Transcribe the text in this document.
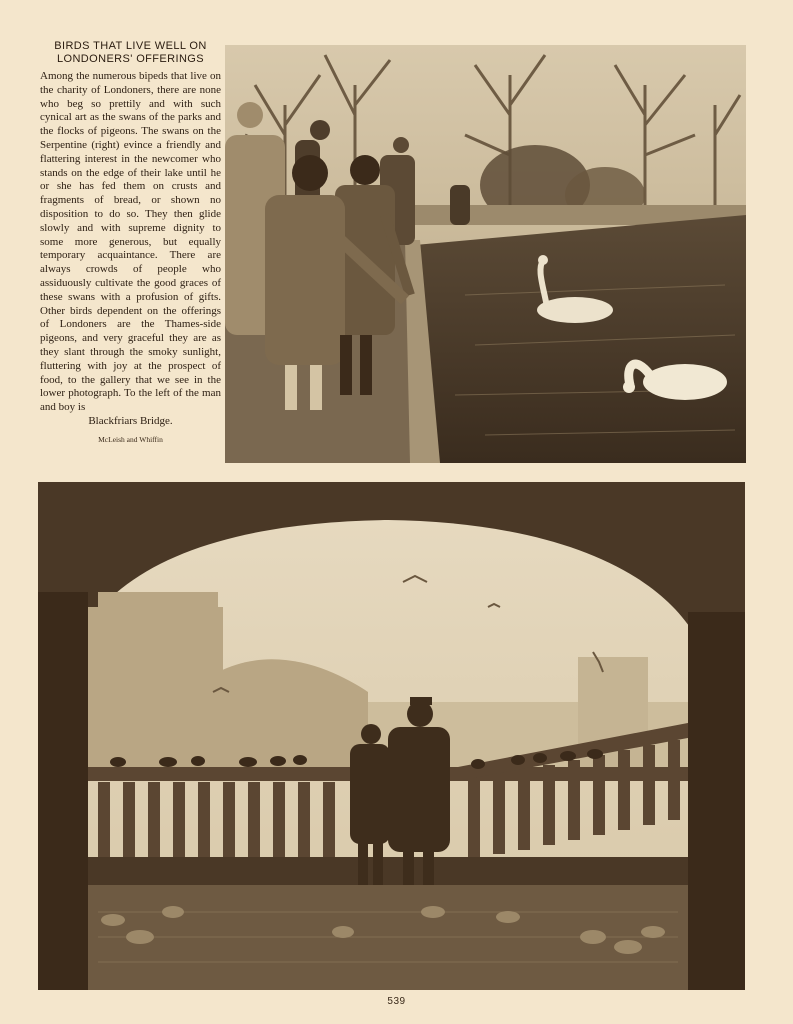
BIRDS THAT LIVE WELL ON
LONDONERS' OFFERINGS

Among the numerous bipeds that live on the charity of Londoners, there are none who beg so prettily and with such cynical art as the swans of the parks and the flocks of pigeons. The swans on the Serpentine (right) evince a friendly and flattering interest in the newcomer who stands on the edge of their lake until he or she has fed them on crusts and fragments of bread, or shown no disposition to do so. They then glide slowly and with supreme dignity to some more generous, but equally temporary acquaintance. There are always crowds of people who assiduously cultivate the good graces of these swans with a profusion of gifts. Other birds dependent on the offerings of Londoners are the Thames-side pigeons, and very graceful they are as they slant through the smoky sunlight, fluttering with joy at the prospect of food, to the gallery that we see in the lower photograph. To the left of the man and boy is

Blackfriars Bridge.

McLeish and Whiffin
539
